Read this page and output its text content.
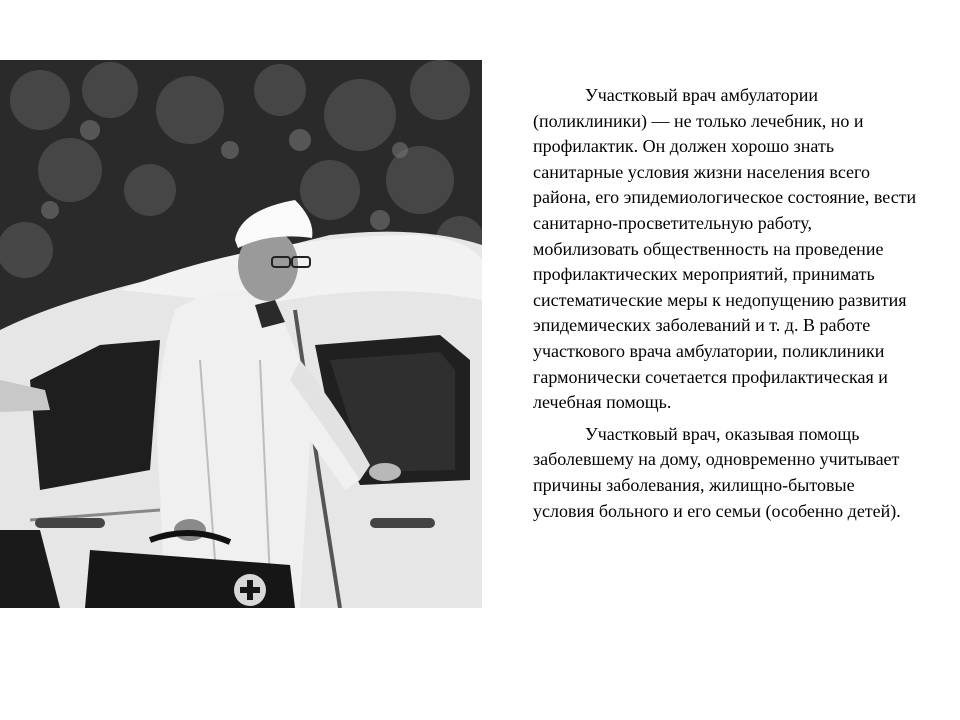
Участковый врач амбулатории (поликлиники) — не только лечебник, но и профилактик. Он должен хорошо знать санитарные условия жизни населения всего района, его эпидемиологическое состояние, вести санитарно-просветительную работу, мобилизовать общественность на проведение профилактических мероприятий, принимать систематические меры к недопущению развития эпидемических заболеваний и т. д. В работе участкового врача амбулатории, поликлиники гармонически сочетается профилактическая и лечебная помощь.

Участковый врач, оказывая помощь заболевшему на дому, одновременно учитывает причины заболевания, жилищно-бытовые условия больного и его семьи (особенно детей).
